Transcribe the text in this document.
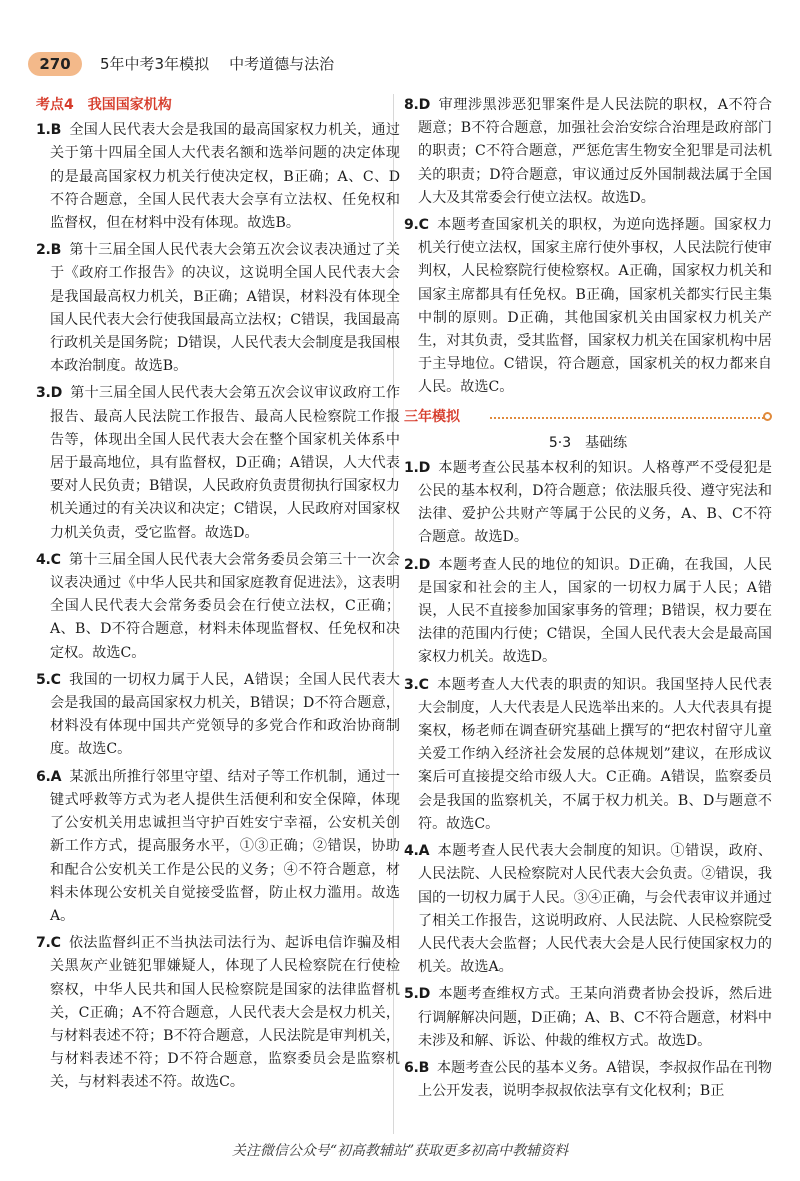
270	5年中考3年模拟 中考道德与法治
考点4　我国国家机构
1.B 全国人民代表大会是我国的最高国家权力机关，通过关于第十四届全国人大代表名额和选举问题的决定体现的是最高国家权力机关行使决定权，B正确；A、C、D不符合题意，全国人民代表大会享有立法权、任免权和监督权，但在材料中没有体现。故选B。
2.B 第十三届全国人民代表大会第五次会议表决通过了关于《政府工作报告》的决议，这说明全国人民代表大会是我国最高权力机关，B正确；A错误，材料没有体现全国人民代表大会行使我国最高立法权；C错误，我国最高行政机关是国务院；D错误，人民代表大会制度是我国根本政治制度。故选B。
3.D 第十三届全国人民代表大会第五次会议审议政府工作报告、最高人民法院工作报告、最高人民检察院工作报告等，体现出全国人民代表大会在整个国家机关体系中居于最高地位，具有监督权，D正确；A错误，人大代表要对人民负责；B错误，人民政府负责贯彻执行国家权力机关通过的有关决议和决定；C错误，人民政府对国家权力机关负责，受它监督。故选D。
4.C 第十三届全国人民代表大会常务委员会第三十一次会议表决通过《中华人民共和国家庭教育促进法》，这表明全国人民代表大会常务委员会在行使立法权，C正确；A、B、D不符合题意，材料未体现监督权、任免权和决定权。故选C。
5.C 我国的一切权力属于人民，A错误；全国人民代表大会是我国的最高国家权力机关，B错误；D不符合题意，材料没有体现中国共产党领导的多党合作和政治协商制度。故选C。
6.A 某派出所推行邻里守望、结对子等工作机制，通过一键式呼救等方式为老人提供生活便利和安全保障，体现了公安机关用忠诚担当守护百姓安宁幸福，公安机关创新工作方式，提高服务水平，①③正确；②错误，协助和配合公安机关工作是公民的义务；④不符合题意，材料未体现公安机关自觉接受监督，防止权力滥用。故选A。
7.C 依法监督纠正不当执法司法行为、起诉电信诈骗及相关黑灰产业链犯罪嫌疑人，体现了人民检察院在行使检察权，中华人民共和国人民检察院是国家的法律监督机关，C正确；A不符合题意，人民代表大会是权力机关，与材料表述不符；B不符合题意，人民法院是审判机关，与材料表述不符；D不符合题意，监察委员会是监察机关，与材料表述不符。故选C。
8.D 审理涉黑涉恶犯罪案件是人民法院的职权，A不符合题意；B不符合题意，加强社会治安综合治理是政府部门的职责；C不符合题意，严惩危害生物安全犯罪是司法机关的职责；D符合题意，审议通过反外国制裁法属于全国人大及其常委会行使立法权。故选D。
9.C 本题考查国家机关的职权，为逆向选择题。国家权力机关行使立法权，国家主席行使外事权，人民法院行使审判权，人民检察院行使检察权。A正确，国家权力机关和国家主席都具有任免权。B正确，国家机关都实行民主集中制的原则。D正确，其他国家机关由国家权力机关产生，对其负责，受其监督，国家权力机关在国家机构中居于主导地位。C错误，符合题意，国家机关的权力都来自人民。故选C。
三年模拟
5·3　基础练
1.D 本题考查公民基本权利的知识。人格尊严不受侵犯是公民的基本权利，D符合题意；依法服兵役、遵守宪法和法律、爱护公共财产等属于公民的义务，A、B、C不符合题意。故选D。
2.D 本题考查人民的地位的知识。D正确，在我国，人民是国家和社会的主人，国家的一切权力属于人民；A错误，人民不直接参加国家事务的管理；B错误，权力要在法律的范围内行使；C错误，全国人民代表大会是最高国家权力机关。故选D。
3.C 本题考查人大代表的职责的知识。我国坚持人民代表大会制度，人大代表是人民选举出来的。人大代表具有提案权，杨老师在调查研究基础上撰写的“把农村留守儿童关爱工作纳入经济社会发展的总体规划”建议，在形成议案后可直接提交给市级人大。C正确。A错误，监察委员会是我国的监察机关，不属于权力机关。B、D与题意不符。故选C。
4.A 本题考查人民代表大会制度的知识。①错误，政府、人民法院、人民检察院对人民代表大会负责。②错误，我国的一切权力属于人民。③④正确，与会代表审议并通过了相关工作报告，这说明政府、人民法院、人民检察院受人民代表大会监督；人民代表大会是人民行使国家权力的机关。故选A。
5.D 本题考查维权方式。王某向消费者协会投诉，然后进行调解解决问题，D正确；A、B、C不符合题意，材料中未涉及和解、诉讼、仲裁的维权方式。故选D。
6.B 本题考查公民的基本义务。A错误，李叔叔作品在刊物上公开发表，说明李叔叔依法享有文化权利；B正
关注微信公众号“初高教辅站”获取更多初高中教辅资料
